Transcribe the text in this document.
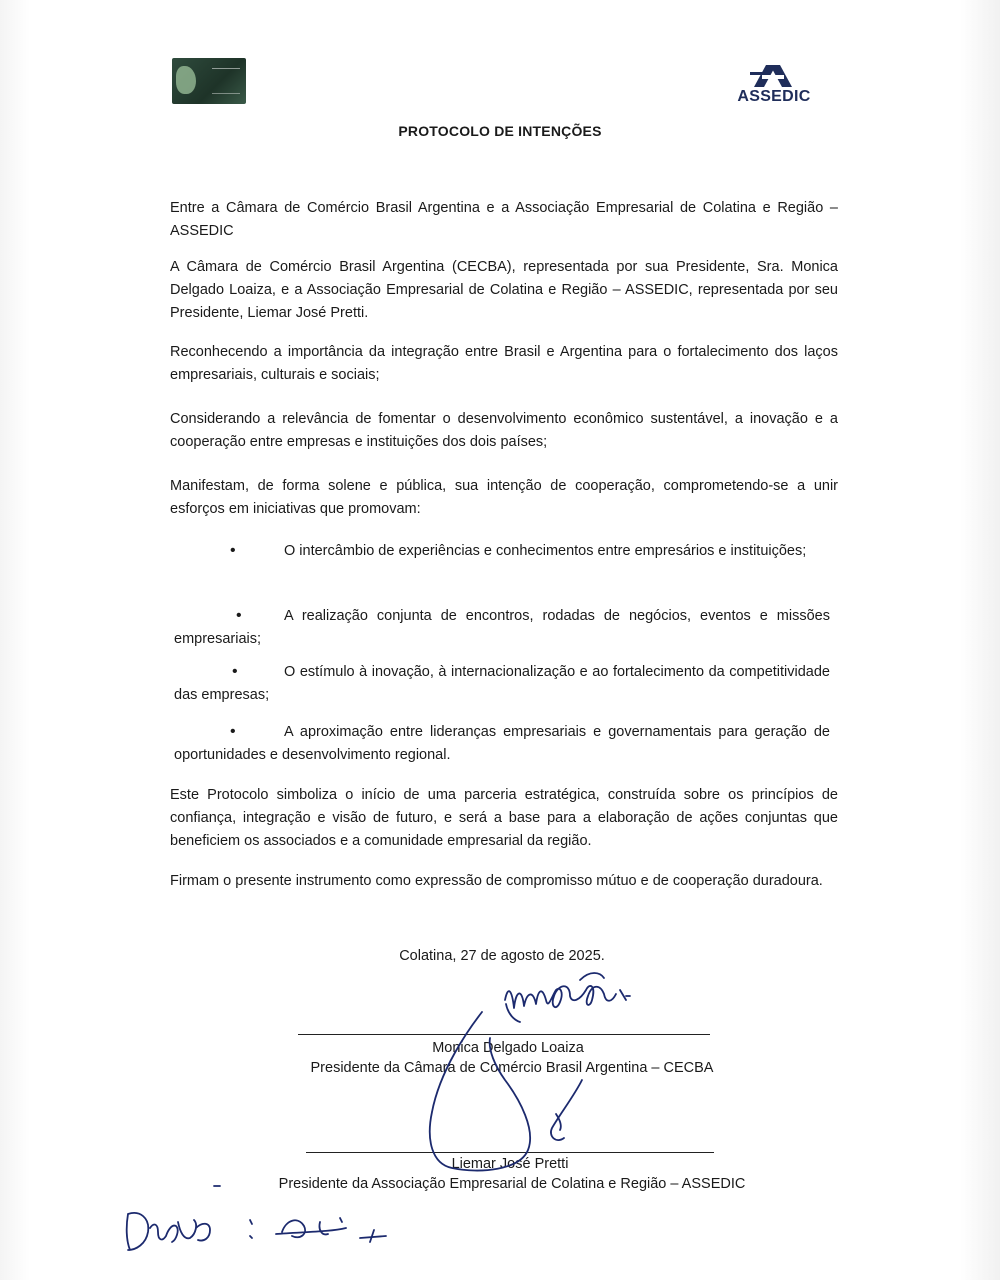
ASSEDIC
PROTOCOLO DE INTENÇÕES
Entre a Câmara de Comércio Brasil Argentina e a Associação Empresarial de Colatina e Região – ASSEDIC
A Câmara de Comércio Brasil Argentina (CECBA), representada por sua Presidente, Sra. Monica Delgado Loaiza, e a Associação Empresarial de Colatina e Região – ASSEDIC, representada por seu Presidente, Liemar José Pretti.
Reconhecendo a importância da integração entre Brasil e Argentina para o fortalecimento dos laços empresariais, culturais e sociais;
Considerando a relevância de fomentar o desenvolvimento econômico sustentável, a inovação e a cooperação entre empresas e instituições dos dois países;
Manifestam, de forma solene e pública, sua intenção de cooperação, comprometendo-se a unir esforços em iniciativas que promovam:
•	O intercâmbio de experiências e conhecimentos entre empresários e instituições;
•	A realização conjunta de encontros, rodadas de negócios, eventos e missões empresariais;
•	O estímulo à inovação, à internacionalização e ao fortalecimento da competitividade das empresas;
•	A aproximação entre lideranças empresariais e governamentais para geração de oportunidades e desenvolvimento regional.
Este Protocolo simboliza o início de uma parceria estratégica, construída sobre os princípios de confiança, integração e visão de futuro, e será a base para a elaboração de ações conjuntas que beneficiem os associados e a comunidade empresarial da região.
Firmam o presente instrumento como expressão de compromisso mútuo e de cooperação duradoura.
Colatina, 27 de agosto de 2025.
Monica Delgado Loaiza
Presidente da Câmara de Comércio Brasil Argentina – CECBA
Liemar José Pretti
Presidente da Associação Empresarial de Colatina e Região – ASSEDIC
